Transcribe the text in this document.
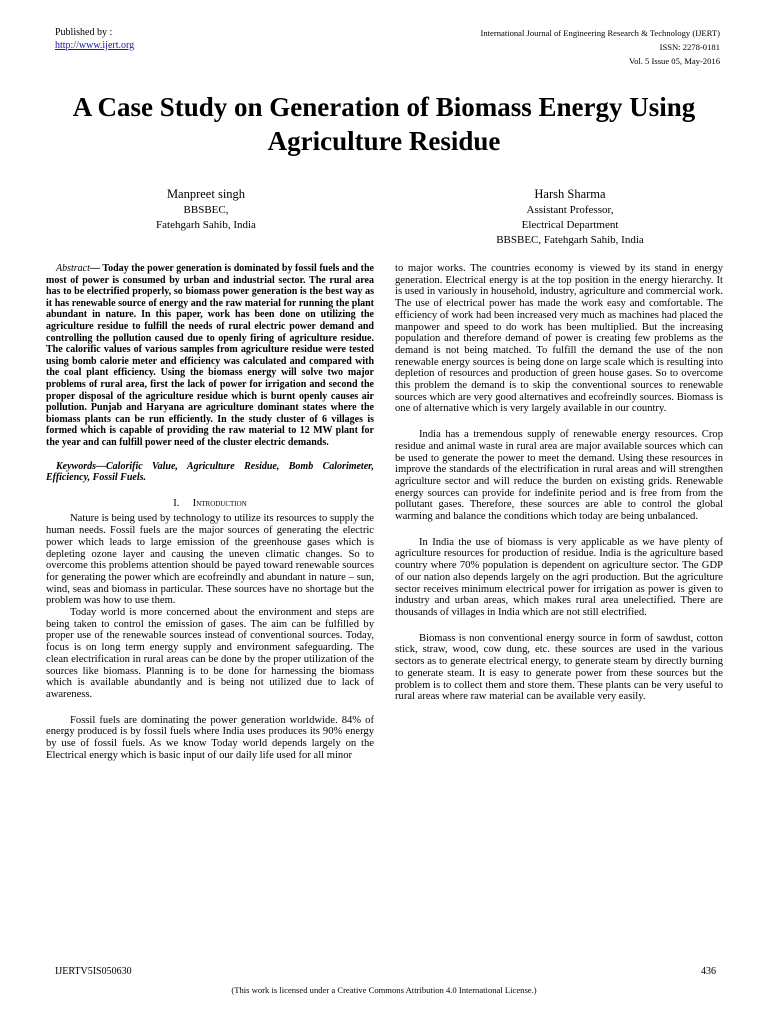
Published by :
http://www.ijert.org
International Journal of Engineering Research & Technology (IJERT)
ISSN: 2278-0181
Vol. 5 Issue 05, May-2016
A Case Study on Generation of Biomass Energy Using Agriculture Residue
Manpreet singh
BBSBEC,
Fatehgarh Sahib, India
Harsh Sharma
Assistant Professor,
Electrical Department
BBSBEC, Fatehgarh Sahib, India

Abstract— Today the power generation is dominated by fossil fuels and the most of power is consumed by urban and industrial sector. The rural area has to be electrified properly, so biomass power generation is the best way as it has renewable source of energy and the raw material for running the plant abundant in nature. In this paper, work has been done on utilizing the agriculture residue to fulfill the needs of rural electric power demand and controlling the pollution caused due to openly firing of agriculture residue. The calorific values of various samples from agriculture residue were tested using bomb calorie meter and efficiency was calculated and compared with the coal plant efficiency. Using the biomass energy will solve two major problems of rural area, first the lack of power for irrigation and second the proper disposal of the agriculture residue which is burnt openly causes air pollution. Punjab and Haryana are agriculture dominant states where the biomass plants can be run efficiently. In the study cluster of 6 villages is formed which is capable of providing the raw material to 12 MW plant for the year and can fulfill power need of the cluster electric demands.

Keywords—Calorific Value, Agriculture Residue, Bomb Calorimeter, Efficiency, Fossil Fuels.

I. Introduction

Nature is being used by technology to utilize its resources to supply the human needs. Fossil fuels are the major sources of generating the electric power which leads to large emission of the greenhouse gases which is depleting ozone layer and causing the uneven climatic changes. So to overcome this problems attention should be payed toward renewable sources for generating the power which are ecofreindly and abundant in nature – sun, wind, seas and biomass in particular. These sources have no shortage but the problem was how to use them.

Today world is more concerned about the environment and steps are being taken to control the emission of gases. The aim can be fulfilled by proper use of the renewable sources instead of conventional sources. Today, focus is on long term energy supply and environment safeguarding. The clean electrification in rural areas can be done by the proper utilization of the sources like biomass. Planning is to be done for harnessing the biomass which is available abundantly and is being not utilized due to lack of awareness.

Fossil fuels are dominating the power generation worldwide. 84% of energy produced is by fossil fuels where India uses produces its 90% energy by use of fossil fuels. As we know Today world depends largely on the Electrical energy which is basic input of our daily life used for all minor

to major works. The countries economy is viewed by its stand in energy generation. Electrical energy is at the top position in the energy hierarchy. It is used in variously in household, industry, agriculture and commercial work. The use of electrical power has made the work easy and comfortable. The efficiency of work had been increased very much as machines had placed the manpower and speed to do work has been multiplied. But the increasing population and therefore demand of power is creating few problems as the demand is not being matched. To fulfill the demand the use of the non renewable energy sources is being done on large scale which is resulting into depletion of resources and production of green house gases. So to overcome this problem the demand is to skip the conventional sources to renewable sources which are very good alternatives and ecofreindly sources. Biomass is one of alternative which is very largely available in our country.

India has a tremendous supply of renewable energy resources. Crop residue and animal waste in rural area are major available sources which can be used to generate the power to meet the demand. Using these resources in improve the standards of the electrification in rural areas and will strengthen agriculture sector and will reduce the burden on existing grids. Renewable energy sources can provide for indefinite period and is free from from the pollutant gases. Therefore, these sources are able to control the global warming and balance the conditions which today are being unbalanced.

In India the use of biomass is very applicable as we have plenty of agriculture resources for production of residue. India is the agriculture based country where 70% population is dependent on agriculture sector. The GDP of our nation also depends largely on the agri production. But the agriculture sector receives minimum electrical power for irrigation as power is given to industry and urban areas, which makes rural area unelectified. There are thousands of villages in India which are not still electrified.

Biomass is non conventional energy source in form of sawdust, cotton stick, straw, wood, cow dung, etc. these sources are used in the various sectors as to generate electrical energy, to generate steam by directly burning to generate steam. It is easy to generate power from these sources but the problem is to collect them and store them. These plants can be very useful to rural areas where raw material can be available very easily.

IJERTV5IS050630	436
(This work is licensed under a Creative Commons Attribution 4.0 International License.)
